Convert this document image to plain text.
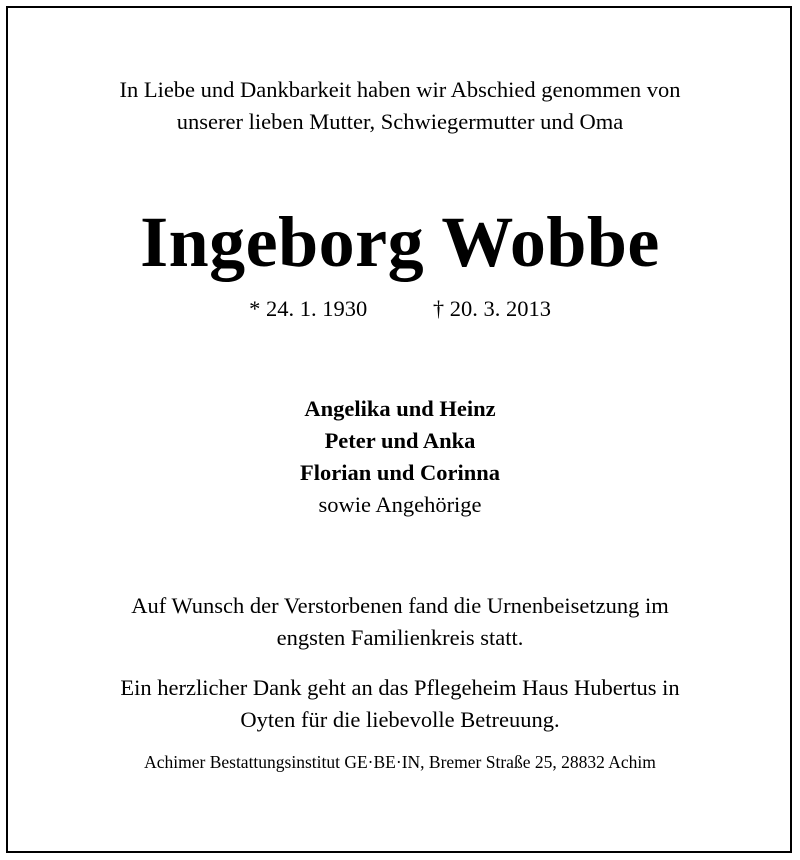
In Liebe und Dankbarkeit haben wir Abschied genommen von
unserer lieben Mutter, Schwiegermutter und Oma
Ingeborg Wobbe
* 24. 1. 1930	† 20. 3. 2013
Angelika und Heinz
Peter und Anka
Florian und Corinna
sowie Angehörige
Auf Wunsch der Verstorbenen fand die Urnenbeisetzung im
engsten Familienkreis statt.
Ein herzlicher Dank geht an das Pflegeheim Haus Hubertus in
Oyten für die liebevolle Betreuung.
Achimer Bestattungsinstitut GE·BE·IN, Bremer Straße 25, 28832 Achim
